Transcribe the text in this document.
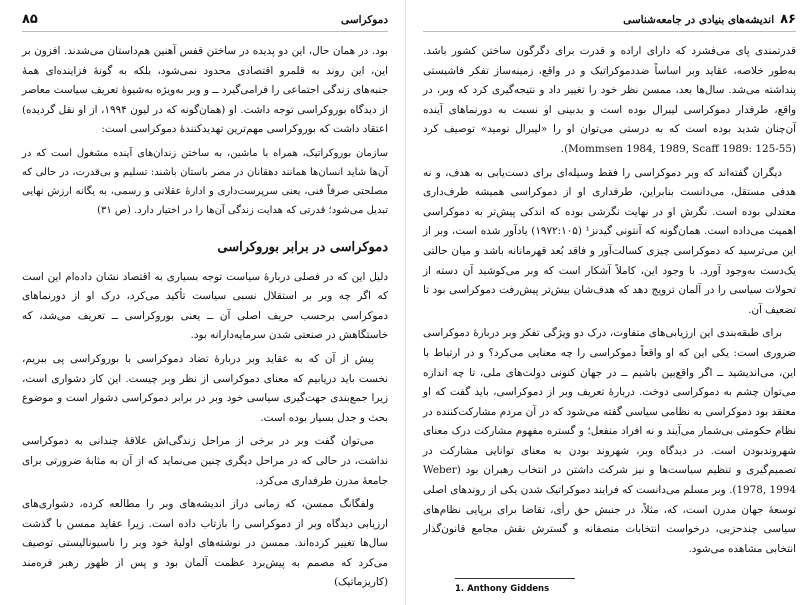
دموکراسی
۸۵

بود. در همان حال، این دو پدیده در ساختن قفس آهنین هم‌داستان می‌شدند. افزون بر این، این روند به قلمرو اقتصادی محدود نمی‌شود، بلکه به گونهٔ فزاینده‌ای همهٔ جنبه‌های زندگی اجتماعی را فرامی‌گیرد ــ و وبر به‌ویژه به‌شیوهٔ تعریف سیاست معاصر از دیدگاه بوروکراسی توجه داشت. او (همان‌گونه که در لیون ۱۹۹۴، از او نقل گردیده) اعتقاد داشت که بوروکراسی مهم‌ترین تهدیدکنندهٔ دموکراسی است:

سازمان بوروکراتیک، همراه با ماشین، به ساختن زندان‌های آینده مشغول است که در آن‌ها شاید انسان‌ها همانند دهقانان در مصر باستان باشند: تسلیم و بی‌قدرت، در حالی که مصلحتی صرفاً فنی، یعنی سرپرست‌داری و ادارهٔ عقلانی و رسمی، به یگانه ارزش نهایی تبدیل می‌شود؛ قدرتی که هدایت زندگی آن‌ها را در اختیار دارد. (ص ۳۱)

دموکراسی در برابر بوروکراسی

دلیل این که در فصلی دربارهٔ سیاست توجه بسیاری به اقتصاد نشان داده‌ام این است که اگر چه وبر بر استقلال نسبی سیاست تأکید می‌کرد، درک او از دورنماهای دموکراسی برحسب حریف اصلی آن ــ یعنی بوروکراسی ــ تعریف می‌شد، که خاستگاهش در صنعتی شدن سرمایه‌دارانه بود.

پیش از آن که به عقاید وبر دربارهٔ تضاد دموکراسی با بوروکراسی پی ببریم، نخست باید دریابیم که معنای دموکراسی از نظر وبر چیست. این کار دشواری است، زیرا جمع‌بندی جهت‌گیری سیاسی خود وبر در برابر دموکراسی دشوار است و موضوع بحث و جدل بسیار بوده است.

می‌توان گفت وبر در برخی از مراحل زندگی‌اش علاقهٔ چندانی به دموکراسی نداشت، در حالی که در مراحل دیگری چنین می‌نماید که از آن به مثابهٔ ضرورتی برای جامعهٔ مدرن طرفداری می‌کرد.

ولفگانگ ممسن، که زمانی دراز اندیشه‌های وبر را مطالعه کرده، دشواری‌های ارزیابی دیدگاه وبر از دموکراسی را بازتاب داده است. زیرا عقاید ممسن با گذشت سال‌ها تغییر کرده‌اند. ممسن در نوشته‌های اولیهٔ خود وبر را ناسیونالیستی توصیف می‌کرد که مصمم به پیش‌برد عظمت آلمان بود و پس از ظهور رهبر فره‌مند (کاریزماتیک)

۸۶
اندیشه‌های بنیادی در جامعه‌شناسی

قدرتمندی پای می‌فشرد که دارای اراده و قدرت برای دگرگون ساختن کشور باشد. به‌طور خلاصه، عقاید وبر اساساً ضددموکراتیک و در واقع، زمینه‌ساز تفکر فاشیستی پنداشته می‌شد. سال‌ها بعد، ممسن نظر خود را تغییر داد و نتیجه‌گیری کرد که وبر، در واقع، طرفدار دموکراسی لیبرال بوده است و بدبینی او نسبت به دورنماهای آینده آن‌چنان شدید بوده است که به درستی می‌توان او را «لیبرال نومید» توصیف کرد (Mommsen 1984, 1989, Scaff 1989: 125-55).

دیگران گفته‌اند که وبر دموکراسی را فقط وسیله‌ای برای دست‌یابی به هدف، و نه هدفی مستقل، می‌دانست بنابراین، طرفداری او از دموکراسی همیشه طرف‌داری معتدلی بوده است. نگرش او در نهایت نگرشی بوده که اندکی پیش‌تر به دموکراسی اهمیت می‌داده است. همان‌گونه که آنتونی گیدنز¹ (۱۹۷۲:۱۰۵) یادآور شده است، وبر از این می‌ترسید که دموکراسی چیزی کسالت‌آور و فاقد بُعد قهرمانانه باشد و میان حالتی یک‌دست به‌وجود آورد. با وجود این، کاملاً آشکار است که وبر می‌کوشید آن دسته از تحولات سیاسی را در آلمان ترویج دهد که هدف‌شان بیش‌تر پیش‌رفت دموکراسی بود تا تضعیف آن.

برای طبقه‌بندی این ارزیابی‌های متفاوت، درک دو ویژگی تفکر وبر دربارهٔ دموکراسی ضروری است: یکی این که او واقعاً دموکراسی را چه معنایی می‌کرد؟ و در ارتباط با این، می‌اندیشید ــ اگر واقع‌بین باشیم ــ در جهان کنونی دولت‌های ملی، تا چه اندازه می‌توان چشم به دموکراسی دوخت. دربارهٔ تعریف وبر از دموکراسی، باید گفت که او معتقد بود دموکراسی به نظامی سیاسی گفته می‌شود که در آن مردم مشارکت‌کننده در نظام حکومتی بی‌شمار می‌آیند و نه افراد منفعل؛ و گستره مفهوم مشارکت درک معنای شهروندبودن است. در دیدگاه وبر، شهروند بودن به معنای توانایی مشارکت در تصمیم‌گیری و تنظیم سیاست‌ها و نیز شرکت داشتن در انتخاب رهبران بود (Weber 1978, 1994). وبر مسلم می‌دانست که فرایند دموکراتیک شدن یکی از روندهای اصلی توسعهٔ جهان مدرن است، که، مثلاً، در جنبش حق رأی، تقاضا برای برپایی نظام‌های سیاسی چندحزبی، درخواست انتخابات منصفانه و گسترش نقش مجامع قانون‌گذار انتخابی مشاهده می‌شود.

1. Anthony Giddens
